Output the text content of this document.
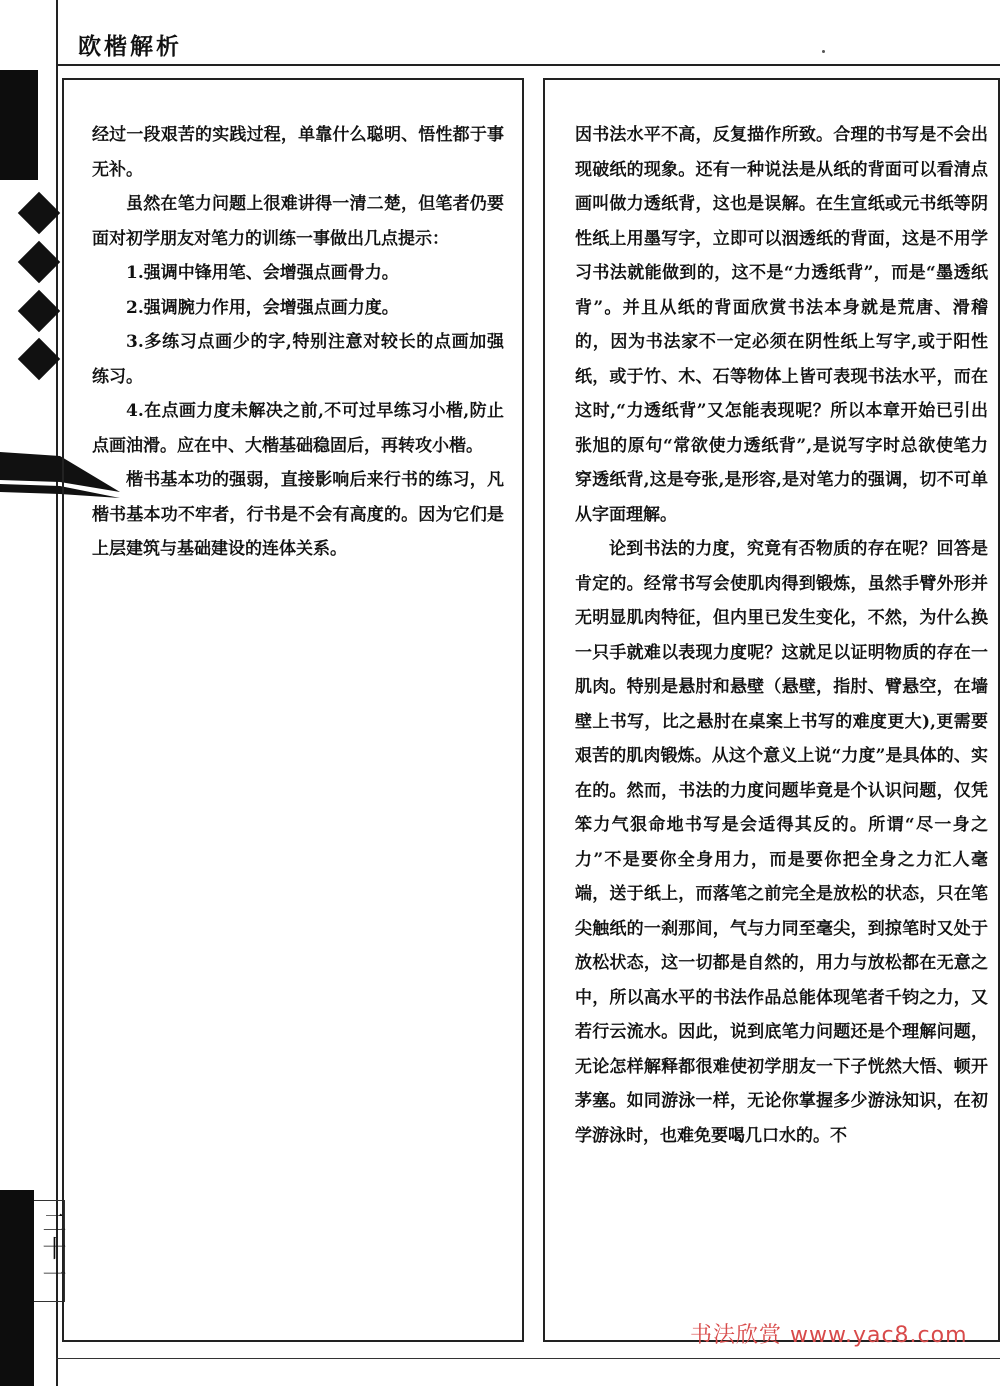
欧楷解析
二十一

经过一段艰苦的实践过程，单靠什么聪明、悟性都于事无补。

虽然在笔力问题上很难讲得一清二楚，但笔者仍要面对初学朋友对笔力的训练一事做出几点提示：

1.强调中锋用笔、会增强点画骨力。

2.强调腕力作用，会增强点画力度。

3.多练习点画少的字,特别注意对较长的点画加强练习。

4.在点画力度未解决之前,不可过早练习小楷,防止点画油滑。应在中、大楷基础稳固后，再转攻小楷。

楷书基本功的强弱，直接影响后来行书的练习，凡楷书基本功不牢者，行书是不会有高度的。因为它们是上层建筑与基础建设的连体关系。

因书法水平不高，反复描作所致。合理的书写是不会出现破纸的现象。还有一种说法是从纸的背面可以看清点画叫做力透纸背，这也是误解。在生宣纸或元书纸等阴性纸上用墨写字，立即可以洇透纸的背面，这是不用学习书法就能做到的，这不是“力透纸背”，而是“墨透纸背”。并且从纸的背面欣赏书法本身就是荒唐、滑稽的，因为书法家不一定必须在阴性纸上写字,或于阳性纸，或于竹、木、石等物体上皆可表现书法水平，而在这时,“力透纸背”又怎能表现呢？所以本章开始已引出张旭的原句“常欲使力透纸背”,是说写字时总欲使笔力穿透纸背,这是夸张,是形容,是对笔力的强调，切不可单从字面理解。

论到书法的力度，究竟有否物质的存在呢？回答是肯定的。经常书写会使肌肉得到锻炼，虽然手臂外形并无明显肌肉特征，但内里已发生变化，不然，为什么换一只手就难以表现力度呢？这就足以证明物质的存在一肌肉。特别是悬肘和悬壁（悬壁，指肘、臂悬空，在墙壁上书写，比之悬肘在桌案上书写的难度更大),更需要艰苦的肌肉锻炼。从这个意义上说“力度”是具体的、实在的。然而，书法的力度问题毕竟是个认识问题，仅凭笨力气狠命地书写是会适得其反的。所谓“尽一身之力”不是要你全身用力，而是要你把全身之力汇人毫端，送于纸上，而落笔之前完全是放松的状态，只在笔尖触纸的一刹那间，气与力同至毫尖，到掠笔时又处于放松状态，这一切都是自然的，用力与放松都在无意之中，所以高水平的书法作品总能体现笔者千钧之力，又若行云流水。因此，说到底笔力问题还是个理解问题，无论怎样解释都很难使初学朋友一下子恍然大悟、顿开茅塞。如同游泳一样，无论你掌握多少游泳知识，在初学游泳时，也难免要喝几口水的。不

书法欣赏 www.yac8.com
